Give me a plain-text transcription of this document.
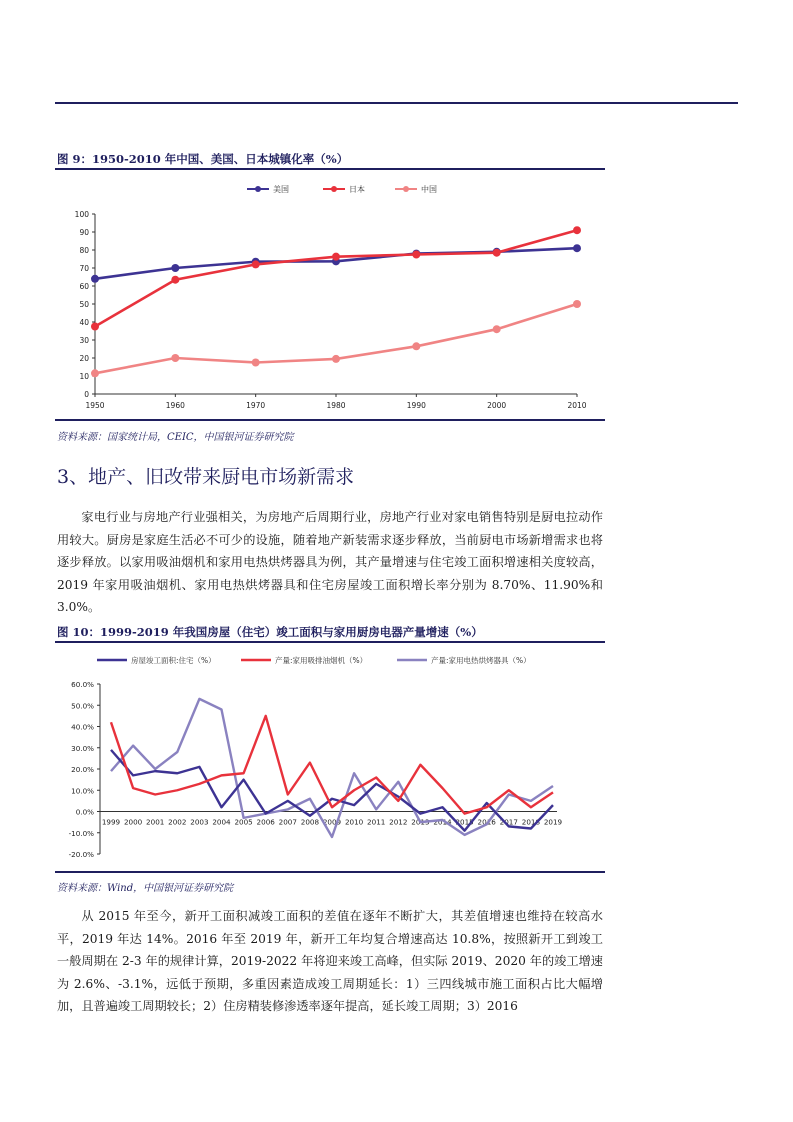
图 9：1950-2010 年中国、美国、日本城镇化率（%）
美国	日本	中国
0
10
20
30
40
50
60
70
80
90
100
1950	1960	1970	1980	1990	2000	2010
资料来源：国家统计局，CEIC，中国银河证券研究院
3、地产、旧改带来厨电市场新需求

家电行业与房地产行业强相关，为房地产后周期行业，房地产行业对家电销售特别是厨电拉动作用较大。厨房是家庭生活必不可少的设施，随着地产新装需求逐步释放，当前厨电市场新增需求也将逐步释放。以家用吸油烟机和家用电热烘烤器具为例，其产量增速与住宅竣工面积增速相关度较高，2019 年家用吸油烟机、家用电热烘烤器具和住宅房屋竣工面积增长率分别为 8.70%、11.90%和 3.0%。

图 10：1999-2019 年我国房屋（住宅）竣工面积与家用厨房电器产量增速（%）
房屋竣工面积:住宅（%）	产量:家用吸排油烟机（%）	产量:家用电热烘烤器具（%）
-20.0%
-10.0%
0.0%
10.0%
20.0%
30.0%
40.0%
50.0%
60.0%
1999 2000 2001 2002 2003 2004 2005 2006 2007 2008 2009 2010 2011 2012 2013 2014 2015 2016 2017 2018 2019
资料来源：Wind，中国银河证券研究院

从 2015 年至今，新开工面积减竣工面积的差值在逐年不断扩大，其差值增速也维持在较高水平，2019 年达 14%。2016 年至 2019 年，新开工年均复合增速高达 10.8%，按照新开工到竣工一般周期在 2-3 年的规律计算，2019-2022 年将迎来竣工高峰，但实际 2019、2020 年的竣工增速为 2.6%、-3.1%，远低于预期，多重因素造成竣工周期延长：1）三四线城市施工面积占比大幅增加，且普遍竣工周期较长；2）住房精装修渗透率逐年提高，延长竣工周期；3）2016
